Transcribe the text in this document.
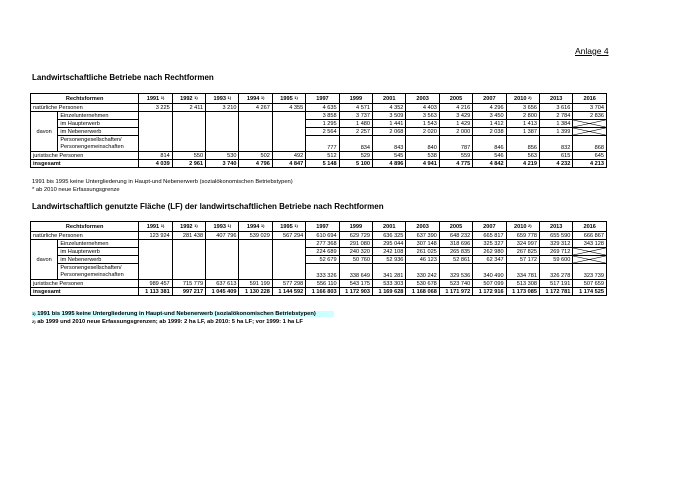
Anlage 4
Landwirtschaftliche Betriebe nach Rechtformen
Rechtsformen		1991 $^{1)}$	1992 $^{1)}$	1993 $^{1)}$	1994 $^{1)}$	1995 $^{1)}$	1997	1999	2001	2003	2005	2007	2010 $^{2)}$	2013	2016
natürliche Personen		3 225	2 411	3 210	4 267	4 355	4 635	4 571	4 352	4 403	4 216	4 296	3 656	3 616	3 704
davon	Einzelunternehmen						3 858	3 737	3 509	3 563	3 429	3 450	2 800	2 784	2 836
	im Haupterwerb						1 295	1 480	1 441	1 543	1 429	1 412	1 413	1 384	

	im Nebenerwerb						2 564	2 257	2 068	2 020	2 000	2 038	1 387	1 399	

	Personengesellschaften/
Personengemeinschaften						777	834	843	840	787	846	856	832	868
juristische Personen		814	550	530	502	492	512	529	545	538	559	546	563	615	645
insgesamt		4 039	2 961	3 740	4 796	4 847	5 148	5 100	4 896	4 941	4 775	4 842	4 219	4 232	4 213
1991 bis 1995 keine Untergliederung in Haupt-und Nebenerwerb (sozialökonomischen Betriebstypen)
* ab 2010 neue Erfassungsgrenze
Landwirtschaftlich genutzte Fläche (LF) der landwirtschaftlichen Betriebe nach Rechtformen
Rechtsformen		1991 $^{1)}$	1992 $^{1)}$	1993 $^{1)}$	1994 $^{1)}$	1995 $^{1)}$	1997	1999	2001	2003	2005	2007	2010 $^{2)}$	2013	2016
natürliche Personen		123 924	281 438	407 796	539 029	567 294	610 694	629 729	636 325	637 390	648 232	665 817	659 778	655 590	666 867
davon	Einzelunternehmen						277 368	291 080	295 044	307 148	318 696	325 327	324 997	329 312	343 128
	im Haupterwerb						224 689	240 320	242 108	261 025	265 835	262 980	267 825	269 712	

	im Nebenerwerb						52 679	50 760	52 936	46 123	52 861	62 347	57 172	59 600	

	Personengesellschaften/
Personengemeinschaften						333 326	338 649	341 281	330 242	329 536	340 490	334 781	326 278	323 739
juristische Personen		989 457	715 779	637 613	591 199	577 298	556 110	543 175	533 303	530 678	523 740	507 099	513 308	517 191	507 659
insgesamt		1 113 381	997 217	1 045 409	1 130 228	1 144 592	1 166 803	1 172 903	1 169 628	1 168 068	1 171 972	1 172 916	1 173 085	1 172 781	1 174 525
$^{1)}$ 1991 bis 1995 keine Untergliederung in Haupt-und Nebenerwerb (sozialökonomischen Betriebstypen)
$^{2)}$ ab 1999 und 2010 neue Erfassungsgrenzen; ab 1999: 2 ha LF, ab 2010: 5 ha LF; vor 1999: 1 ha LF
